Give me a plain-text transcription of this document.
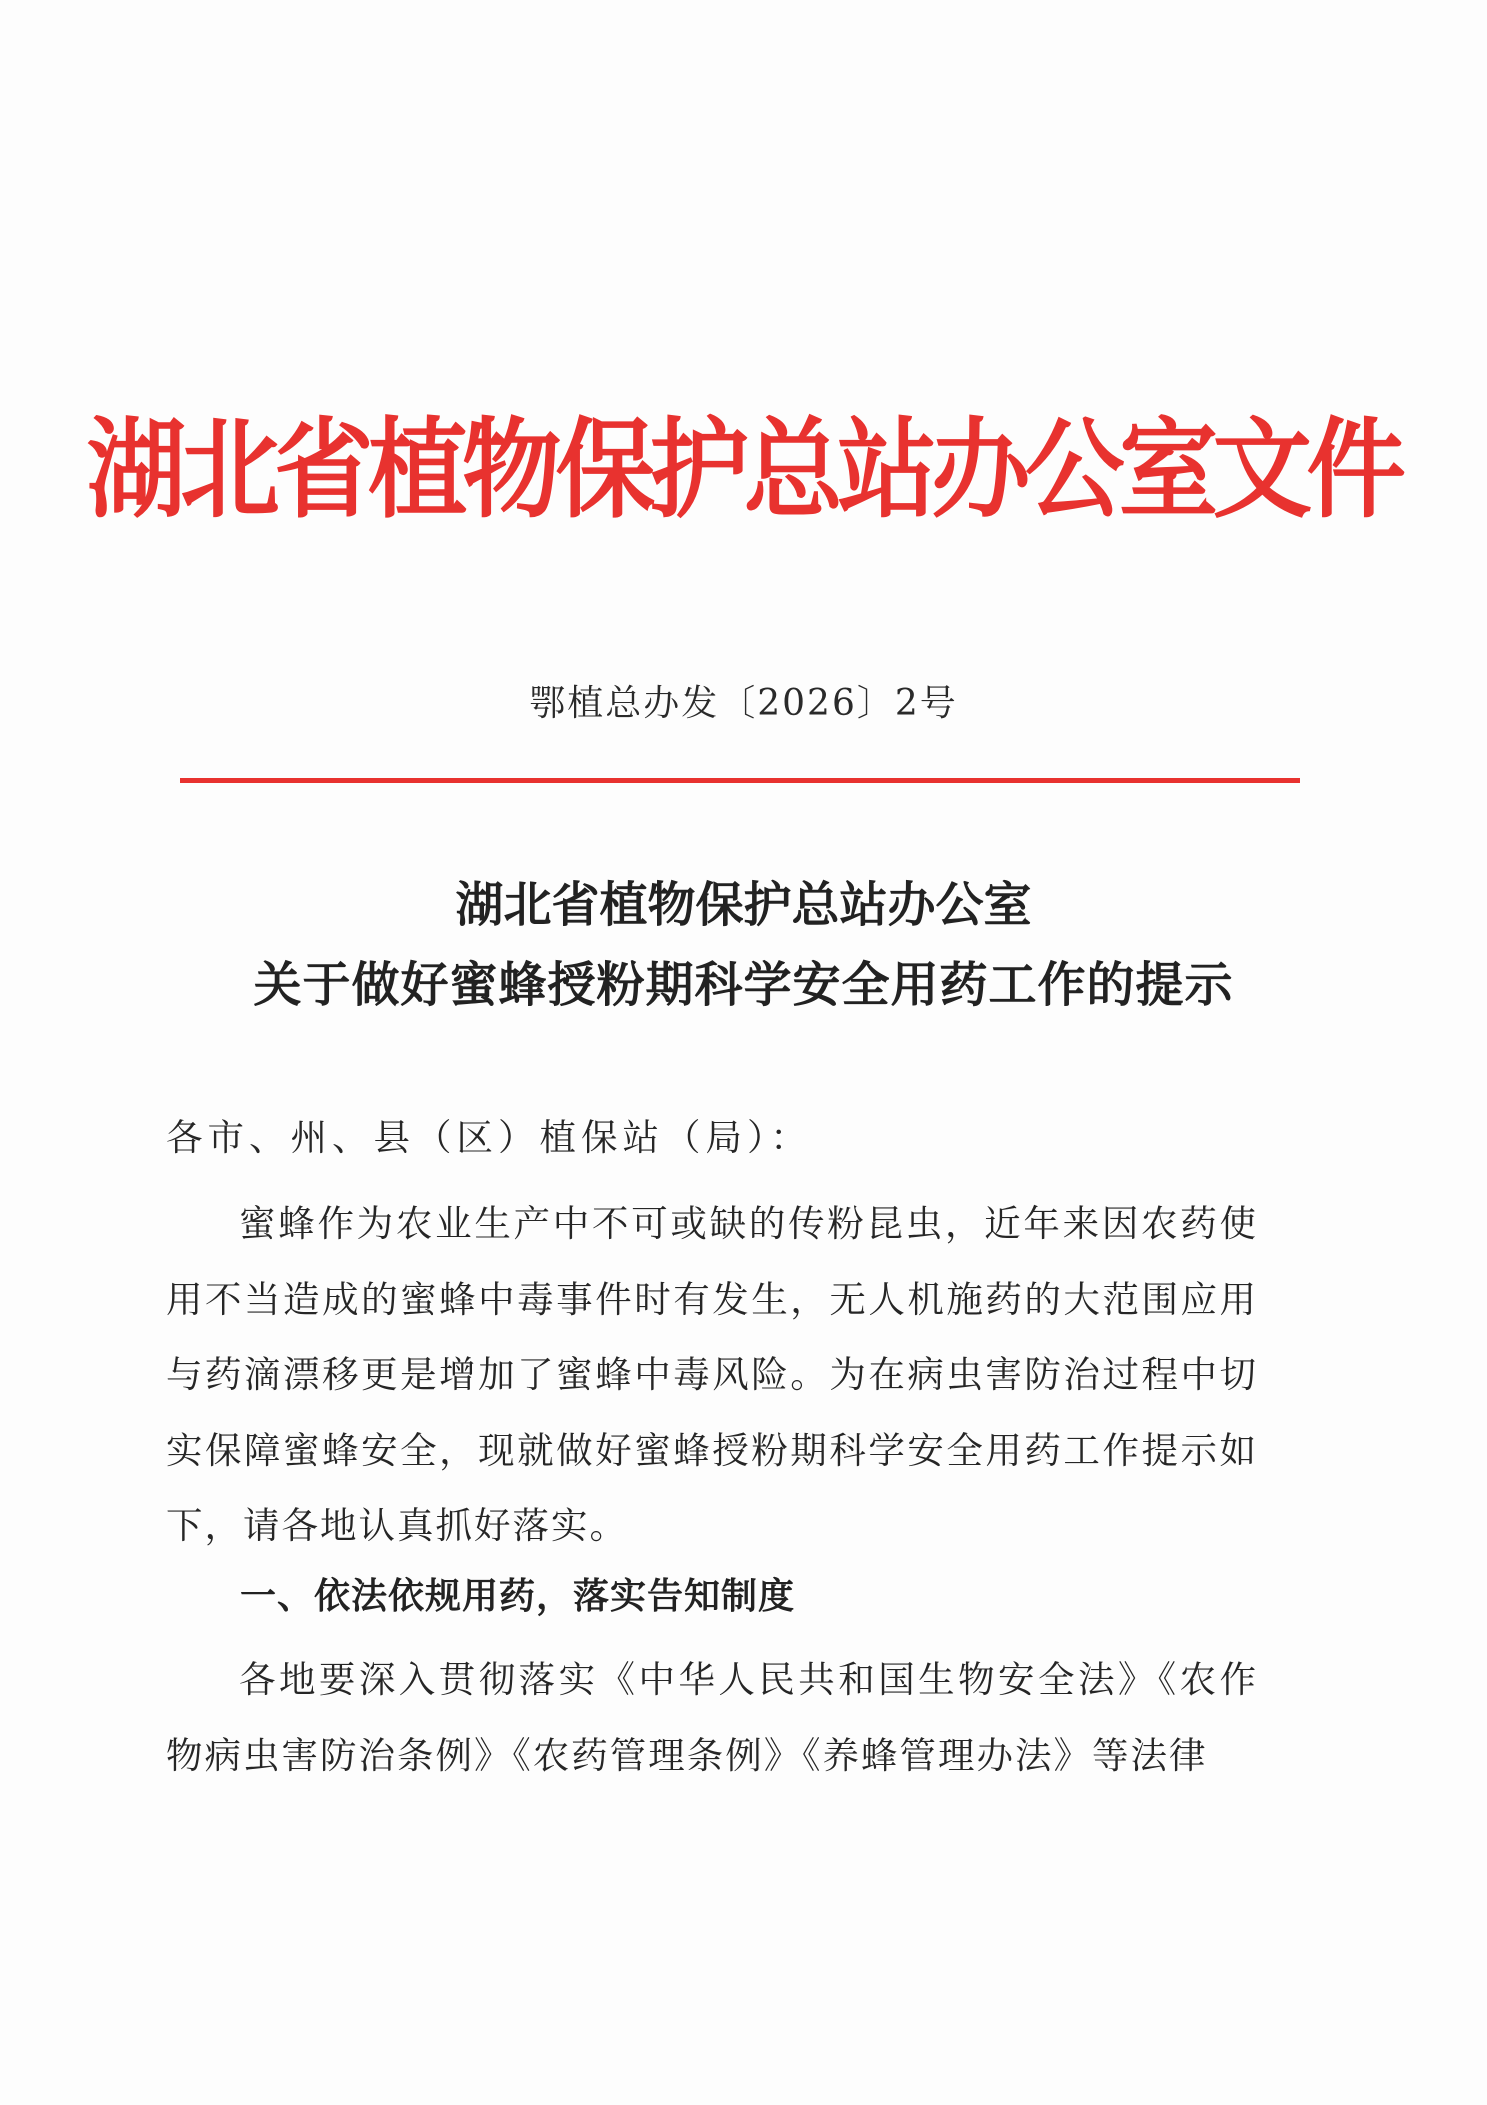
湖北省植物保护总站办公室文件
鄂植总办发〔2026〕2号
湖北省植物保护总站办公室
关于做好蜜蜂授粉期科学安全用药工作的提示
各市、州、县（区）植保站（局）：

蜜蜂作为农业生产中不可或缺的传粉昆虫，近年来因农药使用不当造成的蜜蜂中毒事件时有发生，无人机施药的大范围应用与药滴漂移更是增加了蜜蜂中毒风险。为在病虫害防治过程中切实保障蜜蜂安全，现就做好蜜蜂授粉期科学安全用药工作提示如下，请各地认真抓好落实。

一、依法依规用药，落实告知制度

各地要深入贯彻落实《中华人民共和国生物安全法》《农作物病虫害防治条例》《农药管理条例》《养蜂管理办法》等法律
